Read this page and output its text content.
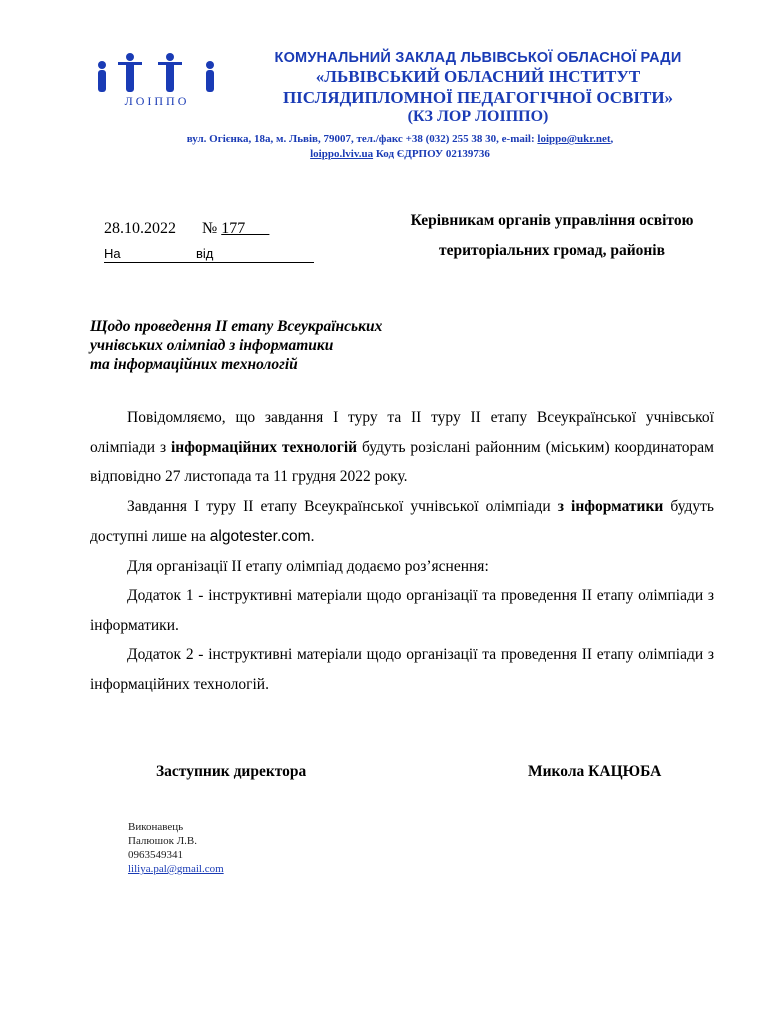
ЛОІППО
КОМУНАЛЬНИЙ ЗАКЛАД ЛЬВІВСЬКОЇ ОБЛАСНОЇ РАДИ
«ЛЬВІВСЬКИЙ ОБЛАСНИЙ ІНСТИТУТ
ПІСЛЯДИПЛОМНОЇ ПЕДАГОГІЧНОЇ ОСВІТИ»
(КЗ ЛОР ЛОІППО)
вул. Огієнка, 18а, м. Львів, 79007, тел./факс +38 (032) 255 38 30, e-mail: loippo@ukr.net,
loippo.lviv.ua Код ЄДРПОУ 02139736
28.10.2022 № 177___
На	від
Керівникам органів управління освітою
територіальних громад, районів
Щодо проведення ІІ етапу Всеукраїнських
учнівських олімпіад з інформатики
та інформаційних технологій
Повідомляємо, що завдання І туру та ІІ туру ІІ етапу Всеукраїнської учнівської олімпіади з інформаційних технологій будуть розіслані районним (міським) координаторам відповідно 27 листопада та 11 грудня 2022 року.
Завдання І туру ІІ етапу Всеукраїнської учнівської олімпіади з інформатики будуть доступні лише на algotester.com.
Для організації ІІ етапу олімпіад додаємо роз’яснення:
Додаток 1 - інструктивні матеріали щодо організації та проведення ІІ етапу олімпіади з інформатики.
Додаток 2 - інструктивні матеріали щодо організації та проведення ІІ етапу олімпіади з інформаційних технологій.
Заступник директора	Микола КАЦЮБА
Виконавець
Палюшок Л.В.
0963549341
liliya.pal@gmail.com
